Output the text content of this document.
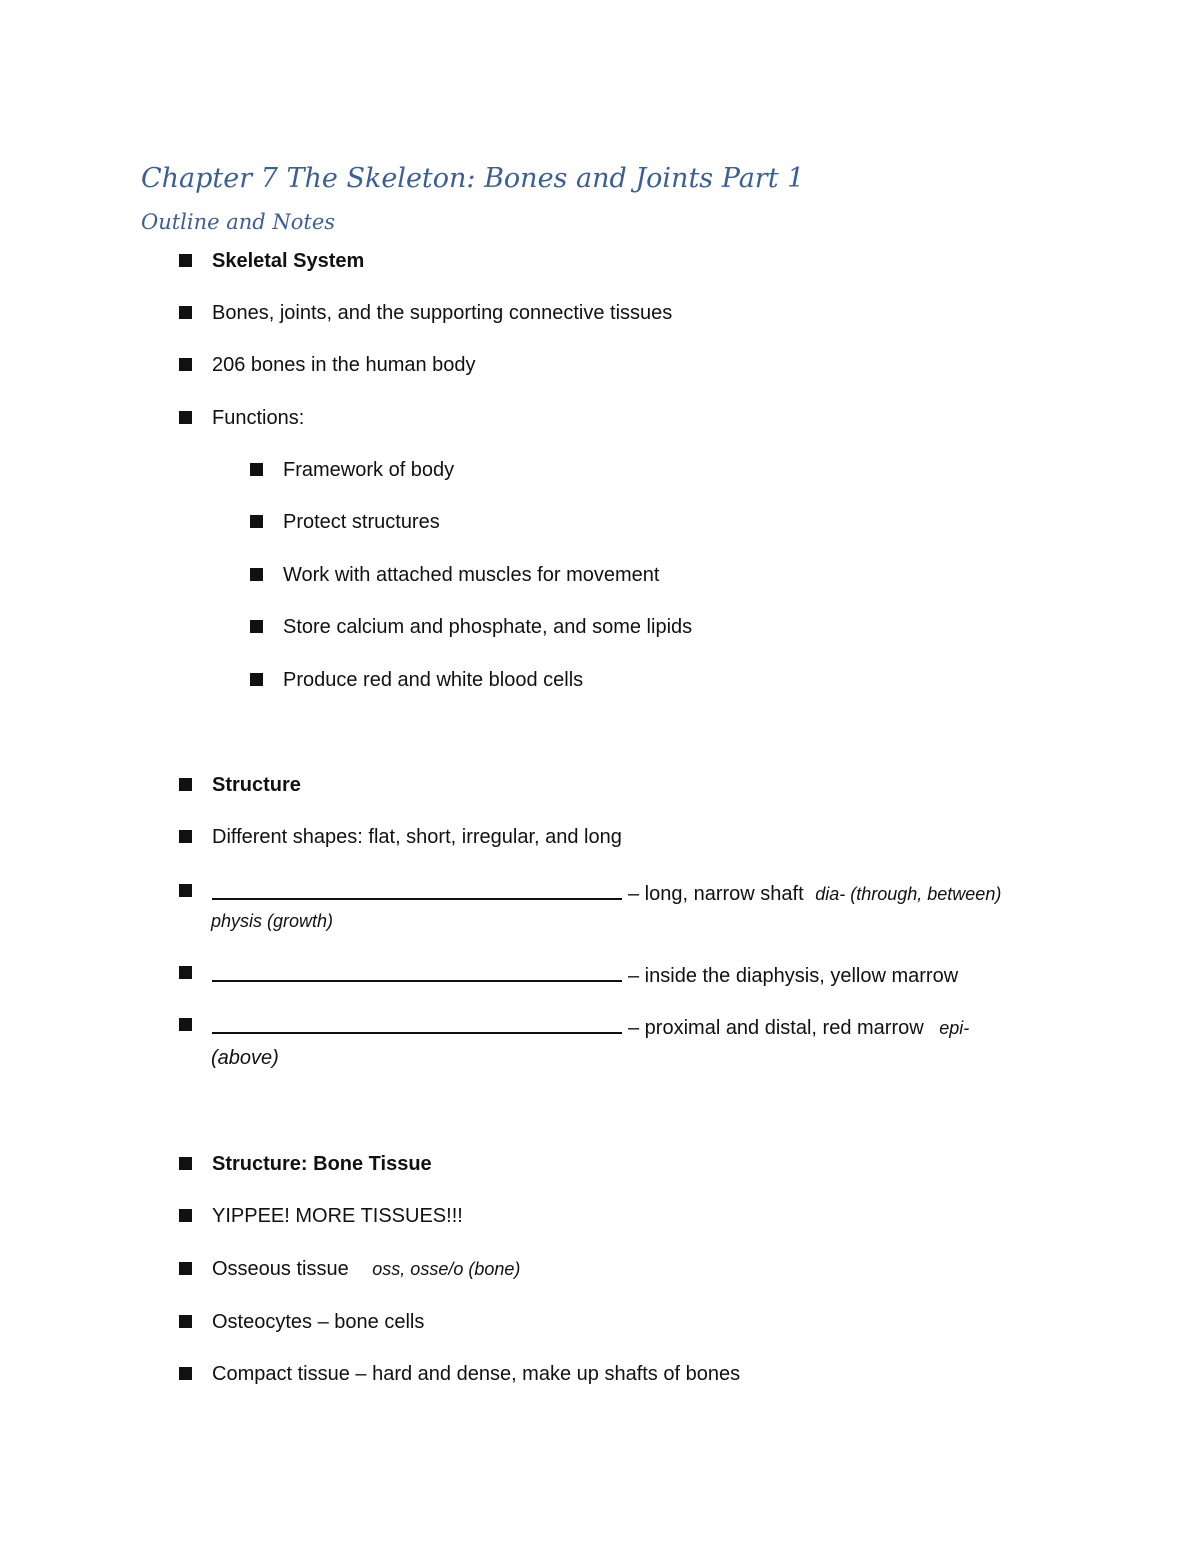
Chapter 7 The Skeleton: Bones and Joints Part 1
Outline and Notes
Skeletal System
Bones, joints, and the supporting connective tissues
206 bones in the human body
Functions:
Framework of body
Protect structures
Work with attached muscles for movement
Store calcium and phosphate, and some lipids
Produce red and white blood cells
Structure
Different shapes: flat, short, irregular, and long
– long, narrow shaft dia- (through, between)
physis (growth)
– inside the diaphysis, yellow marrow
– proximal and distal, red marrow epi-
(above)
Structure: Bone Tissue
YIPPEE! MORE TISSUES!!!
Osseous tissue oss, osse/o (bone)
Osteocytes – bone cells
Compact tissue – hard and dense, make up shafts of bones
